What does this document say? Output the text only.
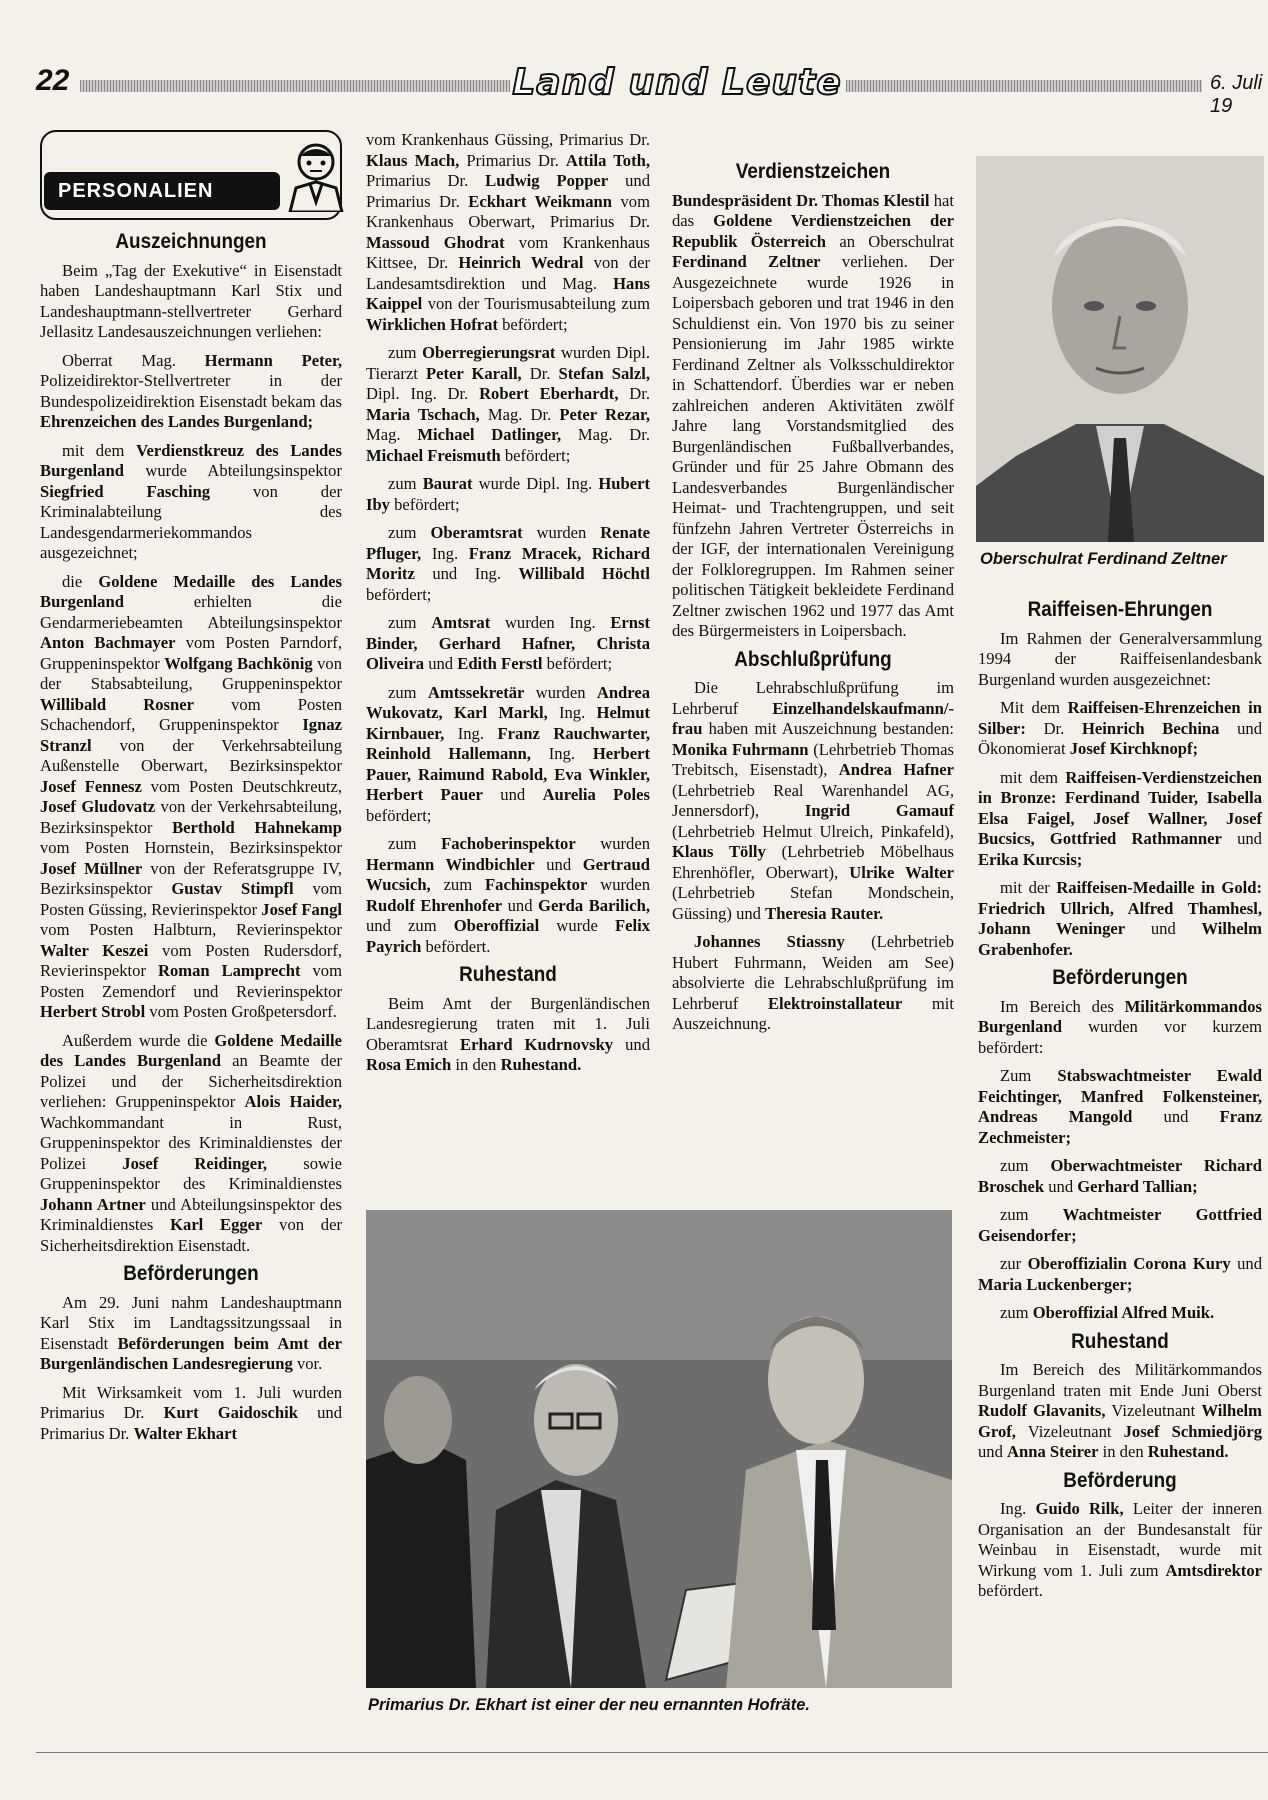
22	Land und Leute	6. Juli 19
PERSONALIEN
Auszeichnungen

Beim „Tag der Exekutive“ in Eisenstadt haben Landeshauptmann Karl Stix und Landeshauptmann-stellvertreter Gerhard Jellasitz Landesauszeichnungen verliehen:

Oberrat Mag. Hermann Peter, Polizeidirektor-Stellvertreter in der Bundespolizeidirektion Eisenstadt bekam das Ehrenzeichen des Landes Burgenland;

mit dem Verdienstkreuz des Landes Burgenland wurde Abteilungsinspektor Siegfried Fasching von der Kriminalabteilung des Landesgendarmeriekommandos ausgezeichnet;

die Goldene Medaille des Landes Burgenland erhielten die Gendarmeriebeamten Abteilungsinspektor Anton Bachmayer vom Posten Parndorf, Gruppeninspektor Wolfgang Bachkönig von der Stabsabteilung, Gruppeninspektor Willibald Rosner vom Posten Schachendorf, Gruppeninspektor Ignaz Stranzl von der Verkehrsabteilung Außenstelle Oberwart, Bezirksinspektor Josef Fennesz vom Posten Deutschkreutz, Josef Gludovatz von der Verkehrsabteilung, Bezirksinspektor Berthold Hahnekamp vom Posten Hornstein, Bezirksinspektor Josef Müllner von der Referatsgruppe IV, Bezirksinspektor Gustav Stimpfl vom Posten Güssing, Revierinspektor Josef Fangl vom Posten Halbturn, Revierinspektor Walter Keszei vom Posten Rudersdorf, Revierinspektor Roman Lamprecht vom Posten Zemendorf und Revierinspektor Herbert Strobl vom Posten Großpetersdorf.

Außerdem wurde die Goldene Medaille des Landes Burgenland an Beamte der Polizei und der Sicherheitsdirektion verliehen: Gruppeninspektor Alois Haider, Wachkommandant in Rust, Gruppeninspektor des Kriminaldienstes der Polizei Josef Reidinger, sowie Gruppeninspektor des Kriminaldienstes Johann Artner und Abteilungsinspektor des Kriminaldienstes Karl Egger von der Sicherheitsdirektion Eisenstadt.

Beförderungen

Am 29. Juni nahm Landeshauptmann Karl Stix im Landtagssitzungssaal in Eisenstadt Beförderungen beim Amt der Burgenländischen Landesregierung vor.

Mit Wirksamkeit vom 1. Juli wurden Primarius Dr. Kurt Gaidoschik und Primarius Dr. Walter Ekhart

vom Krankenhaus Güssing, Primarius Dr. Klaus Mach, Primarius Dr. Attila Toth, Primarius Dr. Ludwig Popper und Primarius Dr. Eckhart Weikmann vom Krankenhaus Oberwart, Primarius Dr. Massoud Ghodrat vom Krankenhaus Kittsee, Dr. Heinrich Wedral von der Landesamtsdirektion und Mag. Hans Kaippel von der Tourismusabteilung zum Wirklichen Hofrat befördert;

zum Oberregierungsrat wurden Dipl. Tierarzt Peter Karall, Dr. Stefan Salzl, Dipl. Ing. Dr. Robert Eberhardt, Dr. Maria Tschach, Mag. Dr. Peter Rezar, Mag. Michael Datlinger, Mag. Dr. Michael Freismuth befördert;

zum Baurat wurde Dipl. Ing. Hubert Iby befördert;

zum Oberamtsrat wurden Renate Pfluger, Ing. Franz Mracek, Richard Moritz und Ing. Willibald Höchtl befördert;

zum Amtsrat wurden Ing. Ernst Binder, Gerhard Hafner, Christa Oliveira und Edith Ferstl befördert;

zum Amtssekretär wurden Andrea Wukovatz, Karl Markl, Ing. Helmut Kirnbauer, Ing. Franz Rauchwarter, Reinhold Hallemann, Ing. Herbert Pauer, Raimund Rabold, Eva Winkler, Herbert Pauer und Aurelia Poles befördert;

zum Fachoberinspektor wurden Hermann Windbichler und Gertraud Wucsich, zum Fachinspektor wurden Rudolf Ehrenhofer und Gerda Barilich, und zum Oberoffizial wurde Felix Payrich befördert.

Ruhestand

Beim Amt der Burgenländischen Landesregierung traten mit 1. Juli Oberamtsrat Erhard Kudrnovsky und Rosa Emich in den Ruhestand.

Verdienstzeichen

Bundespräsident Dr. Thomas Klestil hat das Goldene Verdienstzeichen der Republik Österreich an Oberschulrat Ferdinand Zeltner verliehen. Der Ausgezeichnete wurde 1926 in Loipersbach geboren und trat 1946 in den Schuldienst ein. Von 1970 bis zu seiner Pensionierung im Jahr 1985 wirkte Ferdinand Zeltner als Volksschuldirektor in Schattendorf. Überdies war er neben zahlreichen anderen Aktivitäten zwölf Jahre lang Vorstandsmitglied des Burgenländischen Fußballverbandes, Gründer und für 25 Jahre Obmann des Landesverbandes Burgenländischer Heimat- und Trachtengruppen, und seit fünfzehn Jahren Vertreter Österreichs in der IGF, der internationalen Vereinigung der Folkloregruppen. Im Rahmen seiner politischen Tätigkeit bekleidete Ferdinand Zeltner zwischen 1962 und 1977 das Amt des Bürgermeisters in Loipersbach.

Abschlußprüfung

Die Lehrabschlußprüfung im Lehrberuf Einzelhandelskaufmann/-frau haben mit Auszeichnung bestanden: Monika Fuhrmann (Lehrbetrieb Thomas Trebitsch, Eisenstadt), Andrea Hafner (Lehrbetrieb Real Warenhandel AG, Jennersdorf), Ingrid Gamauf (Lehrbetrieb Helmut Ulreich, Pinkafeld), Klaus Tölly (Lehrbetrieb Möbelhaus Ehrenhöfler, Oberwart), Ulrike Walter (Lehrbetrieb Stefan Mondschein, Güssing) und Theresia Rauter.

Johannes Stiassny (Lehrbetrieb Hubert Fuhrmann, Weiden am See) absolvierte die Lehrabschlußprüfung im Lehrberuf Elektroinstallateur mit Auszeichnung.

Oberschulrat Ferdinand Zeltner
Raiffeisen-Ehrungen

Im Rahmen der Generalversammlung 1994 der Raiffeisenlandesbank Burgenland wurden ausgezeichnet:

Mit dem Raiffeisen-Ehrenzeichen in Silber: Dr. Heinrich Bechina und Ökonomierat Josef Kirchknopf;

mit dem Raiffeisen-Verdienstzeichen in Bronze: Ferdinand Tuider, Isabella Elsa Faigel, Josef Wallner, Josef Bucsics, Gottfried Rathmanner und Erika Kurcsis;

mit der Raiffeisen-Medaille in Gold: Friedrich Ullrich, Alfred Thamhesl, Johann Weninger und Wilhelm Grabenhofer.

Beförderungen

Im Bereich des Militärkommandos Burgenland wurden vor kurzem befördert:

Zum Stabswachtmeister Ewald Feichtinger, Manfred Folkensteiner, Andreas Mangold und Franz Zechmeister;

zum Oberwachtmeister Richard Broschek und Gerhard Tallian;

zum Wachtmeister Gottfried Geisendorfer;

zur Oberoffizialin Corona Kury und Maria Luckenberger;

zum Oberoffizial Alfred Muik.

Ruhestand

Im Bereich des Militärkommandos Burgenland traten mit Ende Juni Oberst Rudolf Glavanits, Vizeleutnant Wilhelm Grof, Vizeleutnant Josef Schmiedjörg und Anna Steirer in den Ruhestand.

Beförderung

Ing. Guido Rilk, Leiter der inneren Organisation an der Bundesanstalt für Weinbau in Eisenstadt, wurde mit Wirkung vom 1. Juli zum Amtsdirektor befördert.

Primarius Dr. Ekhart ist einer der neu ernannten Hofräte.
